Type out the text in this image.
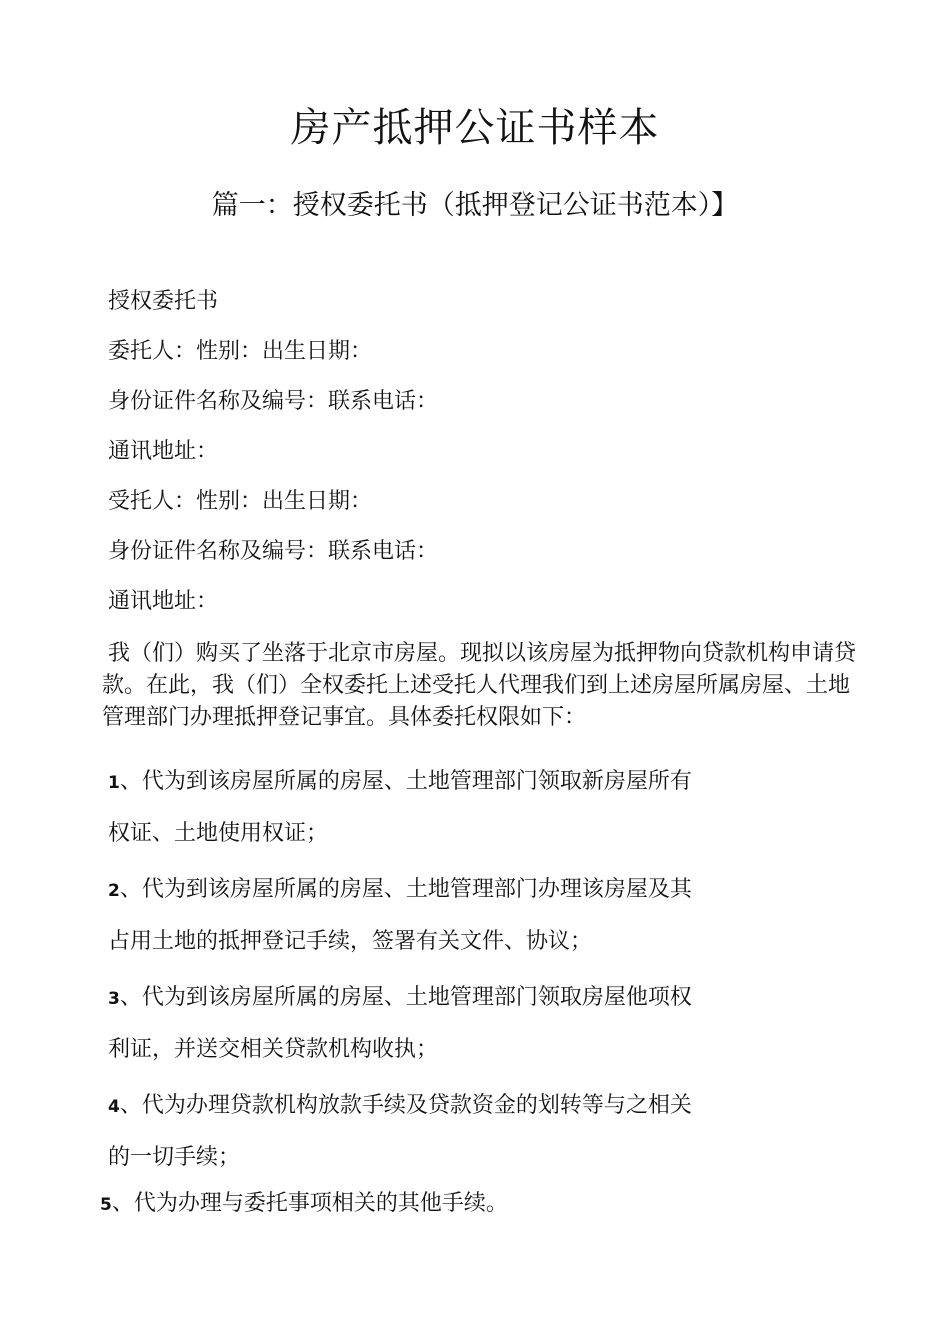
房产抵押公证书样本
篇一：授权委托书（抵押登记公证书范本）】
授权委托书
委托人：性别：出生日期：
身份证件名称及编号：联系电话：
通讯地址：
受托人：性别：出生日期：
身份证件名称及编号：联系电话：
通讯地址：
我（们）购买了坐落于北京市房屋。现拟以该房屋为抵押物向贷款机构申请贷款。在此，我（们）全权委托上述受托人代理我们到上述房屋所属房屋、土地管理部门办理抵押登记事宜。具体委托权限如下：
1、代为到该房屋所属的房屋、土地管理部门领取新房屋所有
权证、土地使用权证；
2、代为到该房屋所属的房屋、土地管理部门办理该房屋及其
占用土地的抵押登记手续，签署有关文件、协议；
3、代为到该房屋所属的房屋、土地管理部门领取房屋他项权
利证，并送交相关贷款机构收执；
4、代为办理贷款机构放款手续及贷款资金的划转等与之相关
的一切手续；
5、代为办理与委托事项相关的其他手续。
